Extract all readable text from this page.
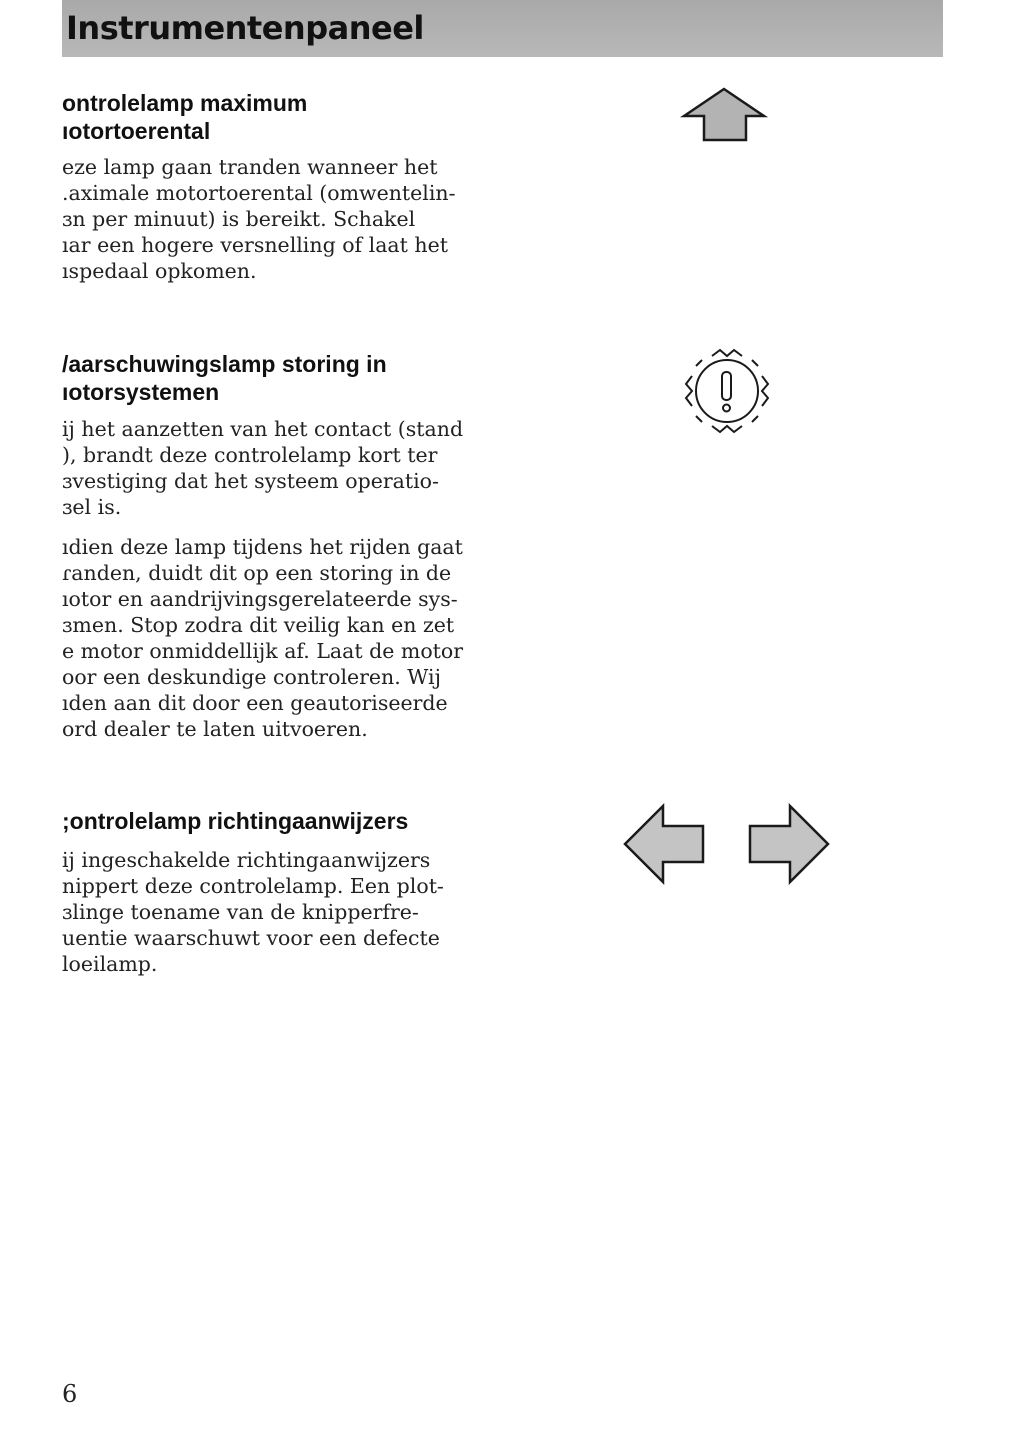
Instrumentenpaneel
ontrolelamp maximum
ıotortoerental

eze lamp gaan tranden wanneer het
.aximale motortoerental (omwentelin-
ɜn per minuut) is bereikt. Schakel
ıar een hogere versnelling of laat het
ıspedaal opkomen.

/aarschuwingslamp storing in
ıotorsystemen

ij het aanzetten van het contact (stand
), brandt deze controlelamp kort ter
ɜvestiging dat het systeem operatio-
ɜel is.

ıdien deze lamp tijdens het rijden gaat
ɾanden, duidt dit op een storing in de
ıotor en aandrijvingsgerelateerde sys-
ɜmen. Stop zodra dit veilig kan en zet
e motor onmiddellijk af. Laat de motor
oor een deskundige controleren. Wij
ıden aan dit door een geautoriseerde
ord dealer te laten uitvoeren.

;ontrolelamp richtingaanwijzers

ij ingeschakelde richtingaanwijzers
nippert deze controlelamp. Een plot-
ɜlinge toename van de knipperfre-
uentie waarschuwt voor een defecte
loeilamp.

6
